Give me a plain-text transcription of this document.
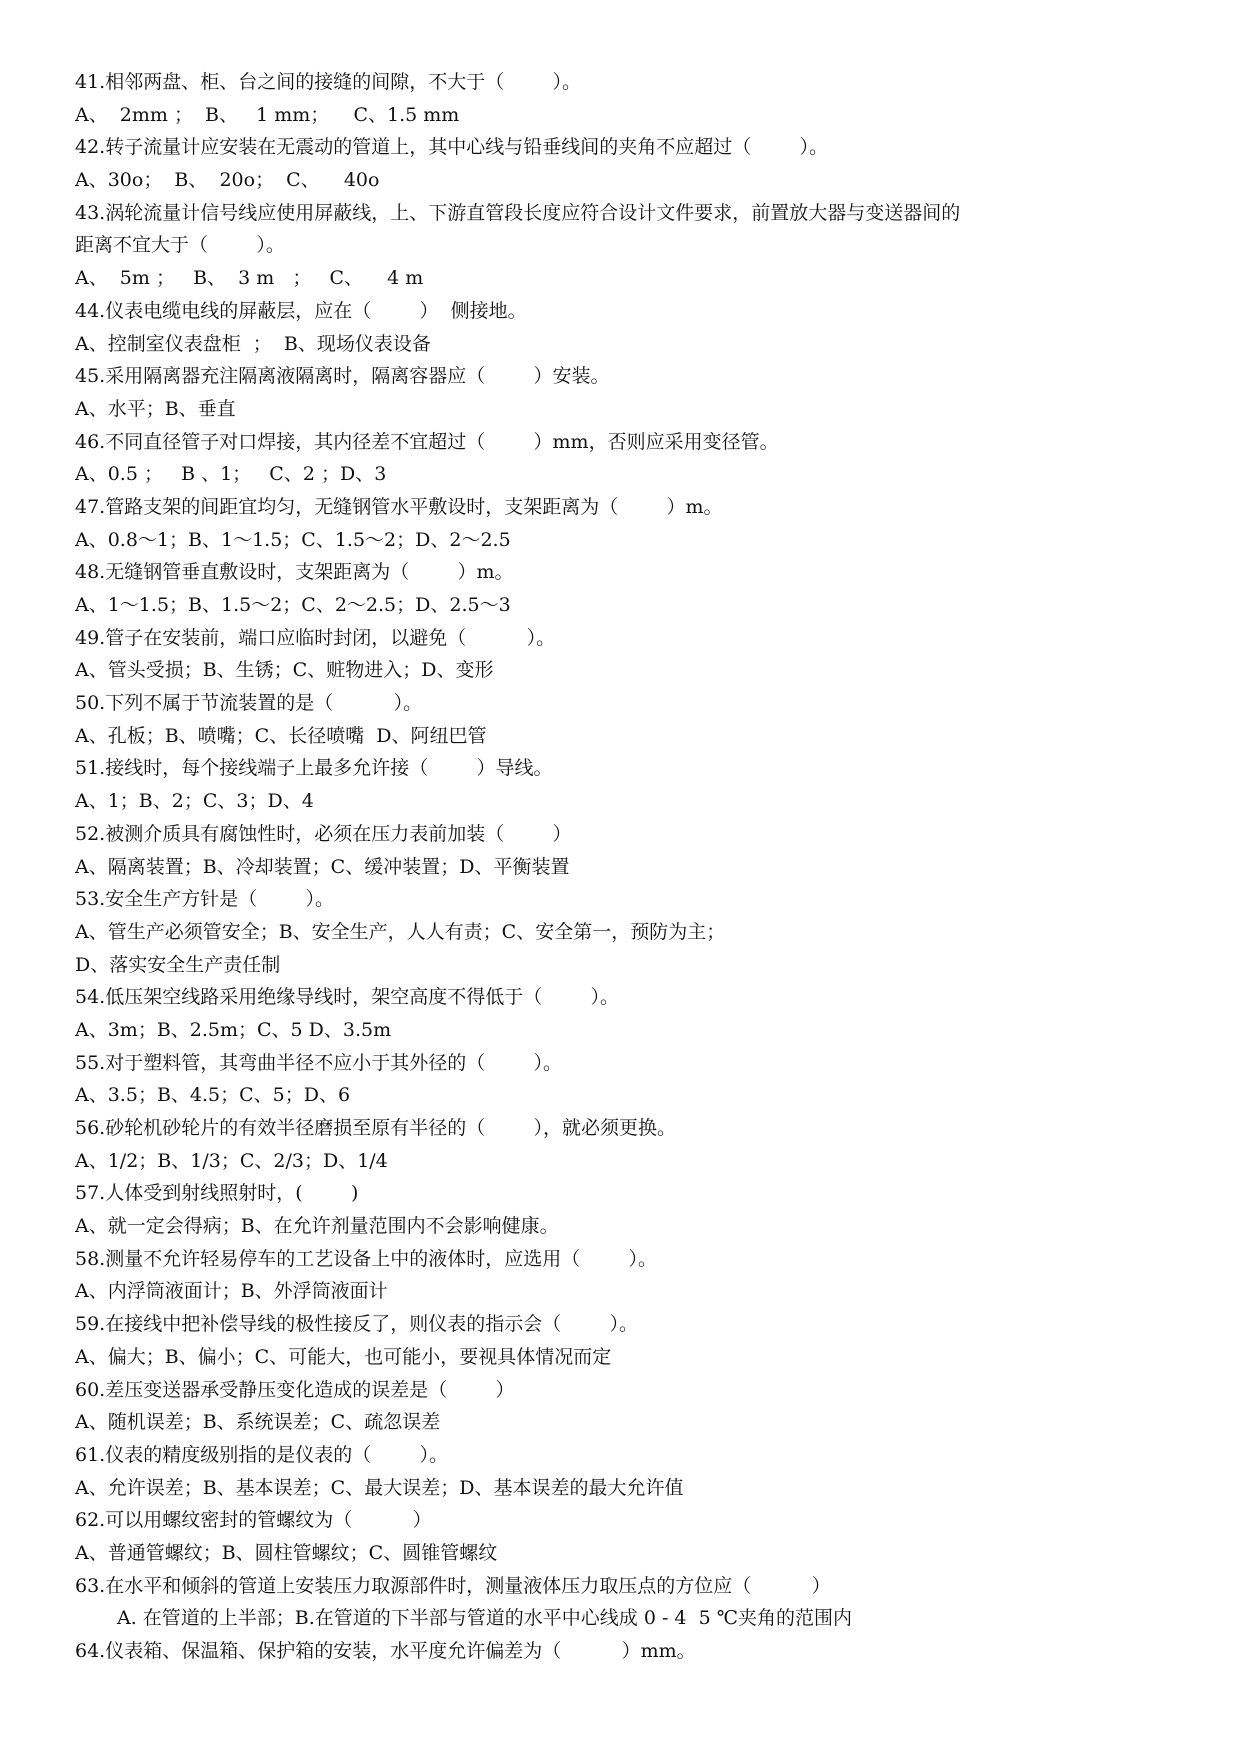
41.相邻两盘、柜、台之间的接缝的间隙，不大于（        ）。
A、  2mm ；  B、   1 mm；    C、1.5 mm
42.转子流量计应安装在无震动的管道上，其中心线与铅垂线间的夹角不应超过（        ）。
A、30o；  B、  20o；  C、    40o
43.涡轮流量计信号线应使用屏蔽线，上、下游直管段长度应符合设计文件要求，前置放大器与变送器间的
距离不宜大于（        ）。
A、  5m ；   B、  3 m   ；   C、    4 m
44.仪表电缆电线的屏蔽层，应在（        ）  侧接地。
A、控制室仪表盘柜  ；  B、现场仪表设备
45.采用隔离器充注隔离液隔离时，隔离容器应（        ）安装。
A、水平；B、垂直
46.不同直径管子对口焊接，其内径差不宜超过（        ）mm，否则应采用变径管。
A、0.5 ；   B 、1；   C、2 ；D、3
47.管路支架的间距宜均匀，无缝钢管水平敷设时，支架距离为（        ）m。
A、0.8～1；B、1～1.5；C、1.5～2；D、2～2.5
48.无缝钢管垂直敷设时，支架距离为（        ）m。
A、1～1.5；B、1.5～2；C、2～2.5；D、2.5～3
49.管子在安装前，端口应临时封闭，以避免（          ）。
A、管头受损；B、生锈；C、赃物进入；D、变形
50.下列不属于节流装置的是（          ）。
A、孔板；B、喷嘴；C、长径喷嘴  D、阿纽巴管
51.接线时，每个接线端子上最多允许接（        ）导线。
A、1；B、2；C、3；D、4
52.被测介质具有腐蚀性时，必须在压力表前加装（        ）
A、隔离装置；B、冷却装置；C、缓冲装置；D、平衡装置
53.安全生产方针是（        ）。
A、管生产必须管安全；B、安全生产，人人有责；C、安全第一，预防为主；
D、落实安全生产责任制
54.低压架空线路采用绝缘导线时，架空高度不得低于（        ）。
A、3m；B、2.5m；C、5 D、3.5m
55.对于塑料管，其弯曲半径不应小于其外径的（        ）。
A、3.5；B、4.5；C、5；D、6
56.砂轮机砂轮片的有效半径磨损至原有半径的（        ），就必须更换。
A、1/2；B、1/3；C、2/3；D、1/4
57.人体受到射线照射时，(        )
A、就一定会得病；B、在允许剂量范围内不会影响健康。
58.测量不允许轻易停车的工艺设备上中的液体时，应选用（        ）。
A、内浮筒液面计；B、外浮筒液面计
59.在接线中把补偿导线的极性接反了，则仪表的指示会（        ）。
A、偏大；B、偏小；C、可能大，也可能小，要视具体情况而定
60.差压变送器承受静压变化造成的误差是（        ）
A、随机误差；B、系统误差；C、疏忽误差
61.仪表的精度级别指的是仪表的（        ）。
A、允许误差；B、基本误差；C、最大误差；D、基本误差的最大允许值
62.可以用螺纹密封的管螺纹为（          ）
A、普通管螺纹；B、圆柱管螺纹；C、圆锥管螺纹
63.在水平和倾斜的管道上安装压力取源部件时，测量液体压力取压点的方位应（          ）
A. 在管道的上半部；B.在管道的下半部与管道的水平中心线成 0 - 4  5 ℃夹角的范围内
64.仪表箱、保温箱、保护箱的安装，水平度允许偏差为（          ）mm。
